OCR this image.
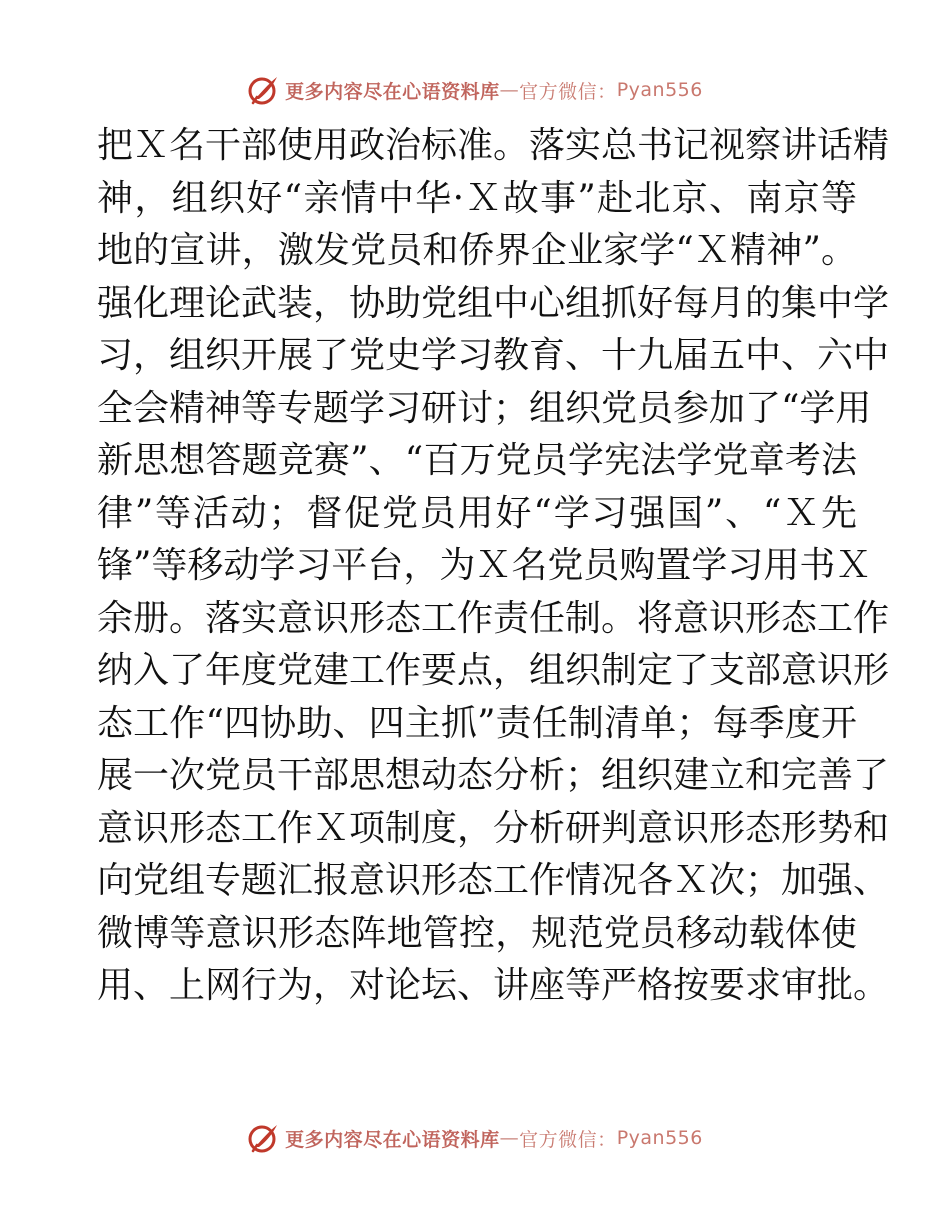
更多内容尽在心语资料库 — 官方微信： Pyan556
把Ｘ名干部使用政治标准。落实总书记视察讲话精
神，组织好“亲情中华·Ｘ故事”赴北京、南京等
地的宣讲，激发党员和侨界企业家学“Ｘ精神”。
强化理论武装，协助党组中心组抓好每月的集中学
习，组织开展了党史学习教育、十九届五中、六中
全会精神等专题学习研讨；组织党员参加了“学用
新思想答题竞赛”、“百万党员学宪法学党章考法
律”等活动；督促党员用好“学习强国”、“Ｘ先
锋”等移动学习平台，为Ｘ名党员购置学习用书Ｘ
余册。落实意识形态工作责任制。将意识形态工作
纳入了年度党建工作要点，组织制定了支部意识形
态工作“四协助、四主抓”责任制清单；每季度开
展一次党员干部思想动态分析；组织建立和完善了
意识形态工作Ｘ项制度，分析研判意识形态形势和
向党组专题汇报意识形态工作情况各Ｘ次；加强、
微博等意识形态阵地管控，规范党员移动载体使
用、上网行为，对论坛、讲座等严格按要求审批。
更多内容尽在心语资料库 — 官方微信： Pyan556
